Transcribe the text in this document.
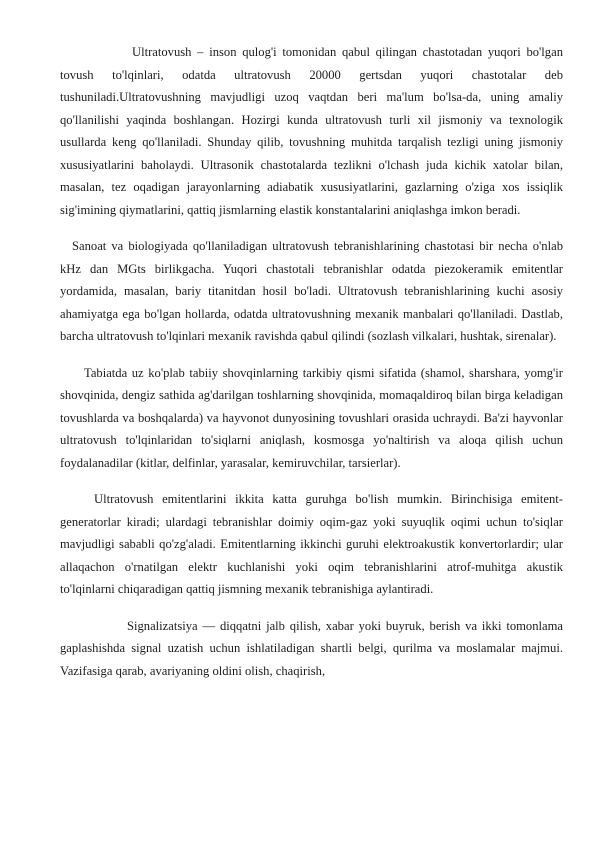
Ultratovush – inson qulog'i tomonidan qabul qilingan chastotadan yuqori bo'lgan tovush to'lqinlari, odatda ultratovush 20000 gertsdan yuqori chastotalar deb tushuniladi.Ultratovushning mavjudligi uzoq vaqtdan beri ma'lum bo'lsa-da, uning amaliy qo'llanilishi yaqinda boshlangan. Hozirgi kunda ultratovush turli xil jismoniy va texnologik usullarda keng qo'llaniladi. Shunday qilib, tovushning muhitda tarqalish tezligi uning jismoniy xususiyatlarini baholaydi. Ultrasonik chastotalarda tezlikni o'lchash juda kichik xatolar bilan, masalan, tez oqadigan jarayonlarning adiabatik xususiyatlarini, gazlarning o'ziga xos issiqlik sig'imining qiymatlarini, qattiq jismlarning elastik konstantalarini aniqlashga imkon beradi.

Sanoat va biologiyada qo'llaniladigan ultratovush tebranishlarining chastotasi bir necha o'nlab kHz dan MGts birlikgacha. Yuqori chastotali tebranishlar odatda piezokeramik emitentlar yordamida, masalan, bariy titanitdan hosil bo'ladi. Ultratovush tebranishlarining kuchi asosiy ahamiyatga ega bo'lgan hollarda, odatda ultratovushning mexanik manbalari qo'llaniladi. Dastlab, barcha ultratovush to'lqinlari mexanik ravishda qabul qilindi (sozlash vilkalari, hushtak, sirenalar).

Tabiatda uz ko'plab tabiiy shovqinlarning tarkibiy qismi sifatida (shamol, sharshara, yomg'ir shovqinida, dengiz sathida ag'darilgan toshlarning shovqinida, momaqaldiroq bilan birga keladigan tovushlarda va boshqalarda) va hayvonot dunyosining tovushlari orasida uchraydi. Ba'zi hayvonlar ultratovush to'lqinlaridan to'siqlarni aniqlash, kosmosga yo'naltirish va aloqa qilish uchun foydalanadilar (kitlar, delfinlar, yarasalar, kemiruvchilar, tarsierlar).

Ultratovush emitentlarini ikkita katta guruhga bo'lish mumkin. Birinchisiga emitent-generatorlar kiradi; ulardagi tebranishlar doimiy oqim-gaz yoki suyuqlik oqimi uchun to'siqlar mavjudligi sababli qo'zg'aladi. Emitentlarning ikkinchi guruhi elektroakustik konvertorlardir; ular allaqachon o'rnatilgan elektr kuchlanishi yoki oqim tebranishlarini atrof-muhitga akustik to'lqinlarni chiqaradigan qattiq jismning mexanik tebranishiga aylantiradi.

Signalizatsiya — diqqatni jalb qilish, xabar yoki buyruk, berish va ikki tomonlama gaplashishda signal uzatish uchun ishlatiladigan shartli belgi, qurilma va moslamalar majmui. Vazifasiga qarab, avariyaning oldini olish, chaqirish,
